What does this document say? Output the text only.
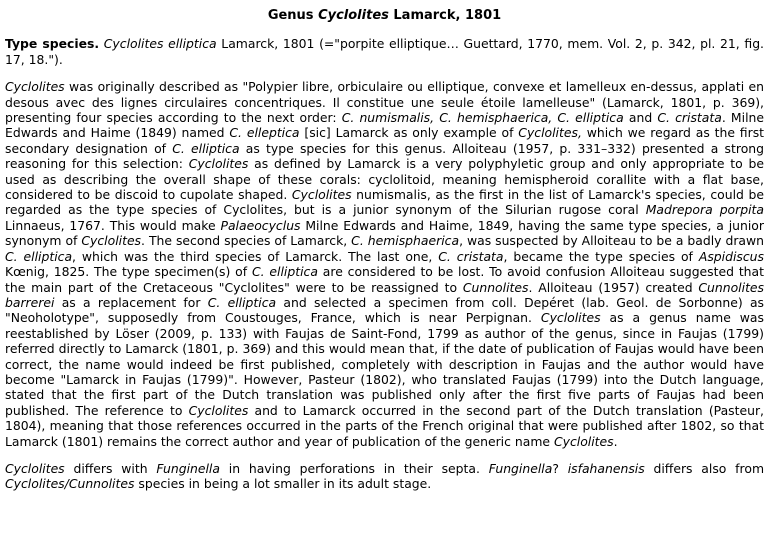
Genus Cyclolites Lamarck, 1801

Type species. Cyclolites elliptica Lamarck, 1801 (="porpite elliptique… Guettard, 1770, mem. Vol. 2, p. 342, pl. 21, fig. 17, 18.").

Cyclolites was originally described as "Polypier libre, orbiculaire ou elliptique, convexe et lamelleux en-dessus, applati en desous avec des lignes circulaires concentriques. Il constitue une seule étoile lamelleuse" (Lamarck, 1801, p. 369), presenting four species according to the next order: C. numismalis, C. hemisphaerica, C. elliptica and C. cristata. Milne Edwards and Haime (1849) named C. elleptica [sic] Lamarck as only example of Cyclolites, which we regard as the first secondary designation of C. elliptica as type species for this genus. Alloiteau (1957, p. 331–332) presented a strong reasoning for this selection: Cyclolites as defined by Lamarck is a very polyphyletic group and only appropriate to be used as describing the overall shape of these corals: cyclolitoid, meaning hemispheroid corallite with a flat base, considered to be discoid to cupolate shaped. Cyclolites numismalis, as the first in the list of Lamarck's species, could be regarded as the type species of Cyclolites, but is a junior synonym of the Silurian rugose coral Madrepora porpita Linnaeus, 1767. This would make Palaeocyclus Milne Edwards and Haime, 1849, having the same type species, a junior synonym of Cyclolites. The second species of Lamarck, C. hemisphaerica, was suspected by Alloiteau to be a badly drawn C. elliptica, which was the third species of Lamarck. The last one, C. cristata, became the type species of Aspidiscus Kœnig, 1825. The type specimen(s) of C. elliptica are considered to be lost. To avoid confusion Alloiteau suggested that the main part of the Cretaceous "Cyclolites" were to be reassigned to Cunnolites. Alloiteau (1957) created Cunnolites barrerei as a replacement for C. elliptica and selected a specimen from coll. Depéret (lab. Geol. de Sorbonne) as "Neoholotype", supposedly from Coustouges, France, which is near Perpignan. Cyclolites as a genus name was reestablished by Löser (2009, p. 133) with Faujas de Saint-Fond, 1799 as author of the genus, since in Faujas (1799) referred directly to Lamarck (1801, p. 369) and this would mean that, if the date of publication of Faujas would have been correct, the name would indeed be first published, completely with description in Faujas and the author would have become "Lamarck in Faujas (1799)". However, Pasteur (1802), who translated Faujas (1799) into the Dutch language, stated that the first part of the Dutch translation was published only after the first five parts of Faujas had been published. The reference to Cyclolites and to Lamarck occurred in the second part of the Dutch translation (Pasteur, 1804), meaning that those references occurred in the parts of the French original that were published after 1802, so that Lamarck (1801) remains the correct author and year of publication of the generic name Cyclolites.

Cyclolites differs with Funginella in having perforations in their septa. Funginella? isfahanensis differs also from Cyclolites/Cunnolites species in being a lot smaller in its adult stage.
